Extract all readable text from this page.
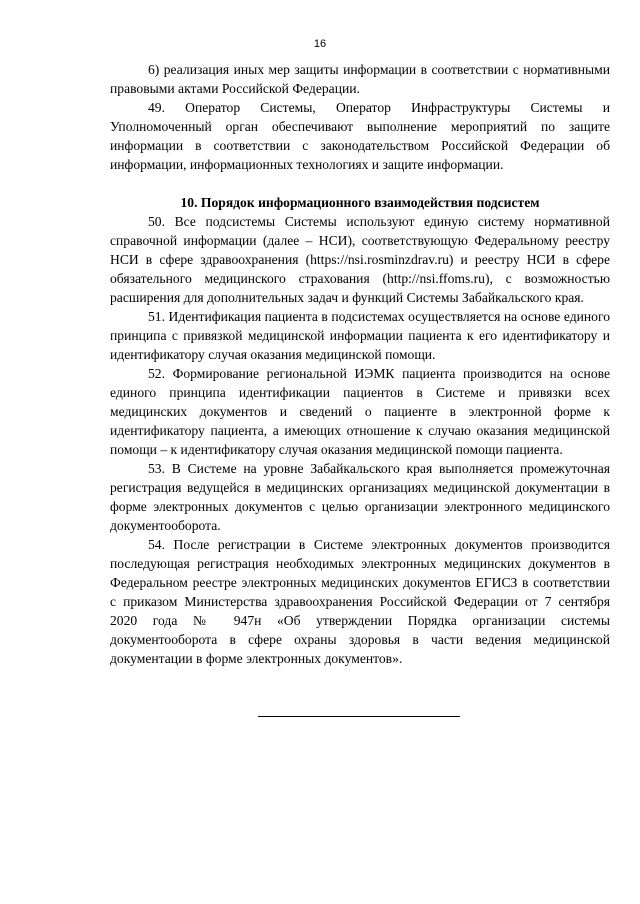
16

6) реализация иных мер защиты информации в соответствии с нормативными правовыми актами Российской Федерации.

49. Оператор Системы, Оператор Инфраструктуры Системы и Уполномоченный орган обеспечивают выполнение мероприятий по защите информации в соответствии с законодательством Российской Федерации об информации, информационных технологиях и защите информации.

10. Порядок информационного взаимодействия подсистем

50. Все подсистемы Системы используют единую систему нормативной справочной информации (далее – НСИ), соответствующую Федеральному реестру НСИ в сфере здравоохранения (https://nsi.rosminzdrav.ru) и реестру НСИ в сфере обязательного медицинского страхования (http://nsi.ffoms.ru), с возможностью расширения для дополнительных задач и функций Системы Забайкальского края.

51. Идентификация пациента в подсистемах осуществляется на основе единого принципа с привязкой медицинской информации пациента к его идентификатору и идентификатору случая оказания медицинской помощи.

52. Формирование региональной ИЭМК пациента производится на основе единого принципа идентификации пациентов в Системе и привязки всех медицинских документов и сведений о пациенте в электронной форме к идентификатору пациента, а имеющих отношение к случаю оказания медицинской помощи – к идентификатору случая оказания медицинской помощи пациента.

53. В Системе на уровне Забайкальского края выполняется промежуточная регистрация ведущейся в медицинских организациях медицинской документации в форме электронных документов с целью организации электронного медицинского документооборота.

54. После регистрации в Системе электронных документов производится последующая регистрация необходимых электронных медицинских документов в Федеральном реестре электронных медицинских документов ЕГИСЗ в соответствии с приказом Министерства здравоохранения Российской Федерации от 7 сентября 2020 года № 947н «Об утверждении Порядка организации системы документооборота в сфере охраны здоровья в части ведения медицинской документации в форме электронных документов».
